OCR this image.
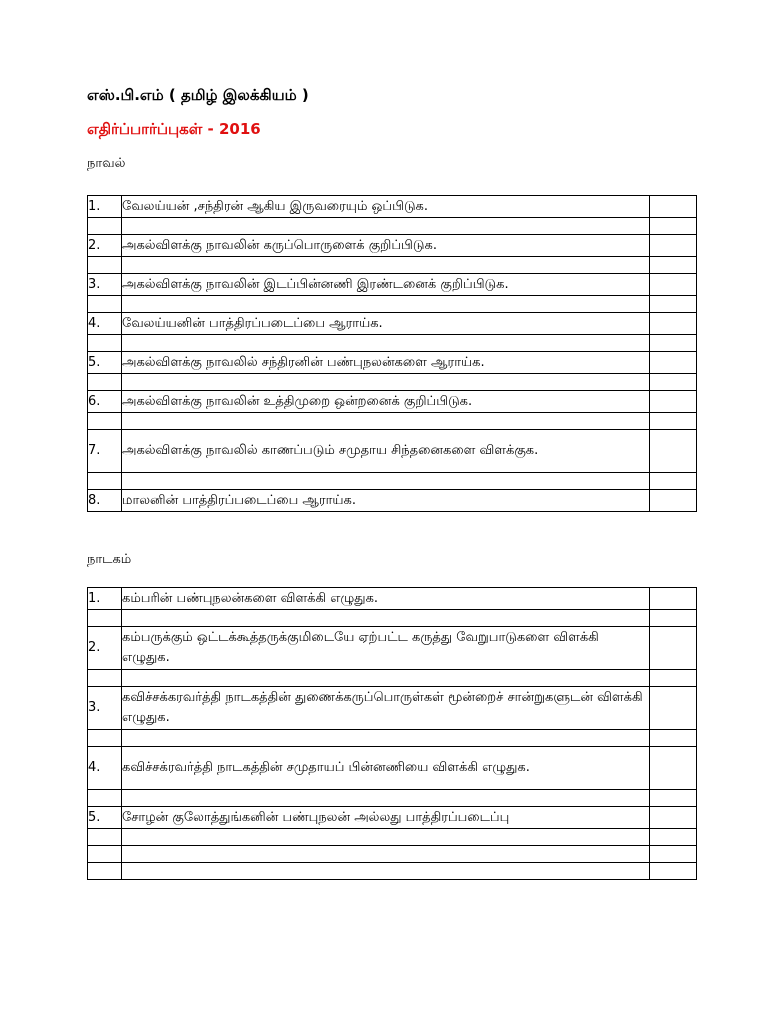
எஸ்.பி.எம் ( தமிழ் இலக்கியம் )
எதிர்ப்பார்ப்புகள் - 2016
நாவல்
1.	வேலய்யன் ,சந்திரன் ஆகிய இருவரையும் ஒப்பிடுக.	

2.	அகல்விளக்கு நாவலின் கருப்பொருளைக் குறிப்பிடுக.	

3.	அகல்விளக்கு நாவலின் இடப்பின்னணி இரண்டனைக் குறிப்பிடுக.	

4.	வேலய்யனின் பாத்திரப்படைப்பை ஆராய்க.	

5.	அகல்விளக்கு நாவலில் சந்திரனின் பண்புநலன்களை ஆராய்க.	

6.	அகல்விளக்கு நாவலின் உத்திமுறை ஒன்றனைக் குறிப்பிடுக.	

7.	அகல்விளக்கு நாவலில் காணப்படும் சமுதாய சிந்தனைகளை விளக்குக.	

8.	மாலனின் பாத்திரப்படைப்பை ஆராய்க.	
நாடகம்
1.	கம்பரின் பண்புநலன்களை விளக்கி எழுதுக.	

2.	கம்பருக்கும் ஒட்டக்கூத்தருக்குமிடையே ஏற்பட்ட கருத்து வேறுபாடுகளை விளக்கி எழுதுக.	

3.	கவிச்சக்கரவர்த்தி நாடகத்தின் துணைக்கருப்பொருள்கள் மூன்றைச் சான்றுகளுடன் விளக்கி எழுதுக.	

4.	கவிச்சக்ரவர்த்தி நாடகத்தின் சமுதாயப் பின்னணியை விளக்கி எழுதுக.	

5.	சோழன் குலோத்துங்கனின் பண்புநலன் அல்லது பாத்திரப்படைப்பு	
